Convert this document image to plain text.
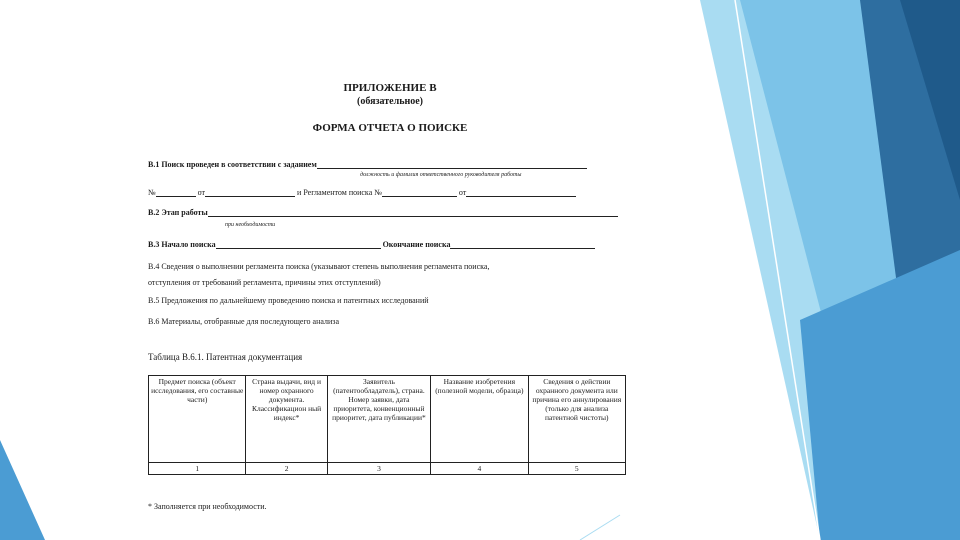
ПРИЛОЖЕНИЕ В
(обязательное)
ФОРМА ОТЧЕТА О ПОИСКЕ
В.1 Поиск проведен в соответствии с заданием
должность и фамилия ответственного руководителя работы
№	от	и Регламентом поиска №	от
В.2 Этап работы
при необходимости
В.3 Начало поиска	Окончание поиска
В.4 Сведения о выполнении регламента поиска (указывают степень выполнения регламента поиска,
отступления от требований регламента, причины этих отступлений)
В.5 Предложения по дальнейшему проведению поиска и патентных исследований
В.6 Материалы, отобранные для последующего анализа
Таблица В.6.1. Патентная документация
Предмет поиска (объект исследования, его составные части)	Страна выдачи, вид и номер охранного документа. Классификацион ный индекс*	Заявитель (патентообладатель), страна. Номер заявки, дата приоритета, конвенционный приоритет, дата публикации*	Название изобретения (полезной модели, образца)	Сведения о действии охранного документа или причина его аннулирования (только для анализа патентной чистоты)
1	2	3	4	5
* Заполняется при необходимости.
